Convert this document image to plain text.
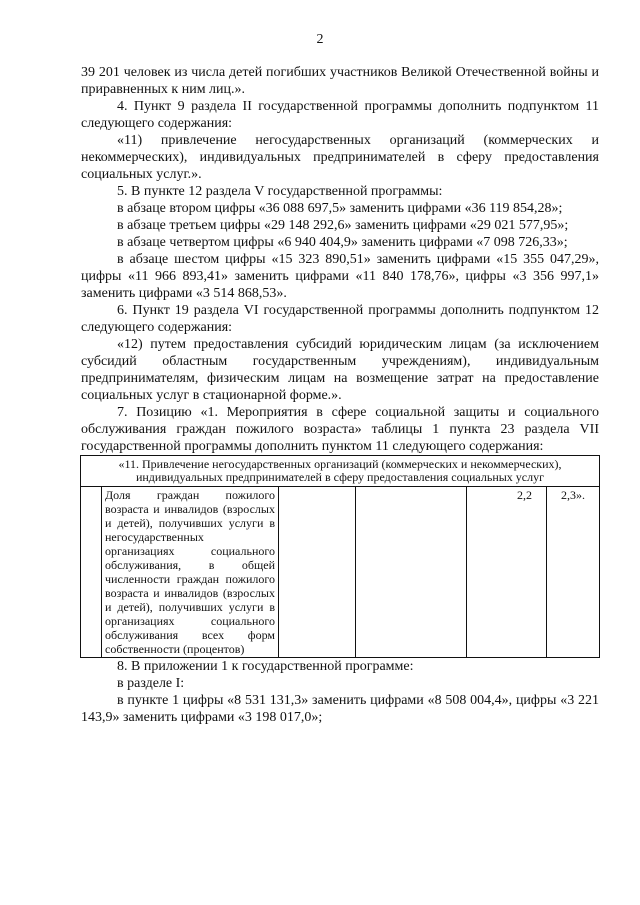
2

39 201 человек из числа детей погибших участников Великой Отечественной войны и приравненных к ним лиц.».

4. Пункт 9 раздела II государственной программы дополнить подпунктом 11 следующего содержания:

«11) привлечение негосударственных организаций (коммерческих и некоммерческих), индивидуальных предпринимателей в сферу предоставления социальных услуг.».

5. В пункте 12 раздела V государственной программы:

в абзаце втором цифры «36 088 697,5» заменить цифрами «36 119 854,28»;

в абзаце третьем цифры «29 148 292,6» заменить цифрами «29 021 577,95»;

в абзаце четвертом цифры «6 940 404,9» заменить цифрами «7 098 726,33»;

в абзаце шестом цифры «15 323 890,51» заменить цифрами «15 355 047,29», цифры «11 966 893,41» заменить цифрами «11 840 178,76», цифры «3 356 997,1» заменить цифрами «3 514 868,53».

6. Пункт 19 раздела VI государственной программы дополнить подпунктом 12 следующего содержания:

«12) путем предоставления субсидий юридическим лицам (за исключением субсидий областным государственным учреждениям), индивидуальным предпринимателям, физическим лицам на возмещение затрат на предоставление социальных услуг в стационарной форме.».

7. Позицию «1. Мероприятия в сфере социальной защиты и социального обслуживания граждан пожилого возраста» таблицы 1 пункта 23 раздела VII государственной программы дополнить пунктом 11 следующего содержания:

«11. Привлечение негосударственных организаций (коммерческих и некоммерческих), индивидуальных предпринимателей в сферу предоставления социальных услуг
	Доля граждан пожилого возраста и инвалидов (взрослых и детей), получивших услуги в негосударственных организациях социального обслуживания, в общей численности граждан пожилого возраста и инвалидов (взрослых и детей), получивших услуги в организациях социального обслуживания всех форм собственности (процентов)			2,2	2,3».

8. В приложении 1 к государственной программе:

в разделе I:

в пункте 1 цифры «8 531 131,3» заменить цифрами «8 508 004,4», цифры «3 221 143,9» заменить цифрами «3 198 017,0»;
